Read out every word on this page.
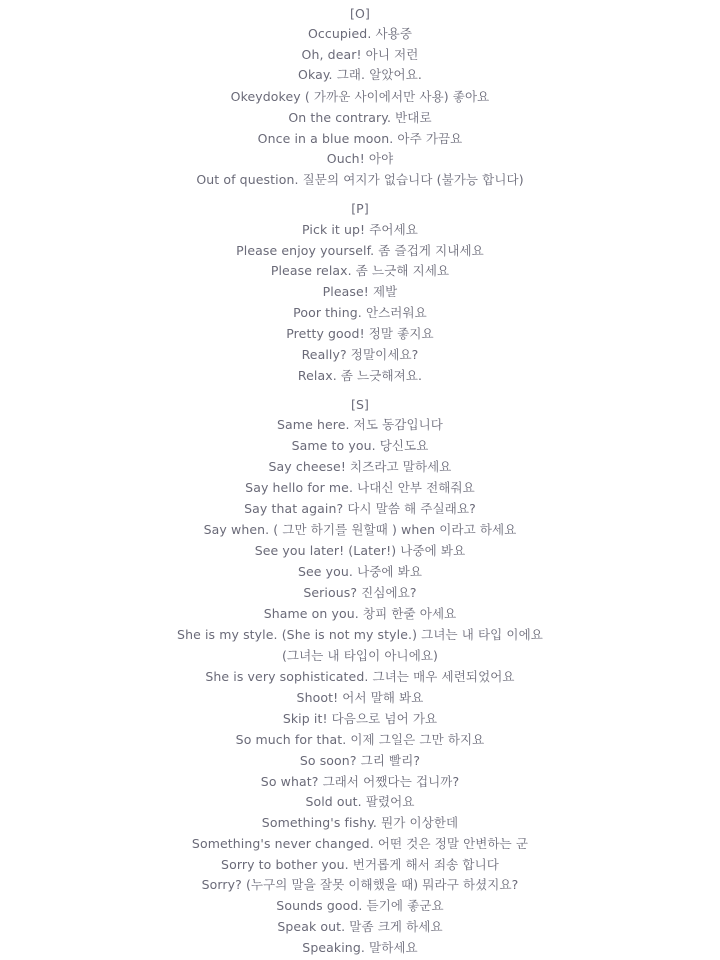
[O]
Occupied. 사용중
Oh, dear! 아니 저런
Okay. 그래. 알았어요.
Okeydokey ( 가까운 사이에서만 사용) 좋아요
On the contrary. 반대로
Once in a blue moon. 아주 가끔요
Ouch! 아야
Out of question. 질문의 여지가 없습니다 (불가능 합니다)
[P]
Pick it up! 주어세요
Please enjoy yourself. 좀 즐겁게 지내세요
Please relax. 좀 느긋해 지세요
Please! 제발
Poor thing. 안스러워요
Pretty good! 정말 좋지요
Really? 정말이세요?
Relax. 좀 느긋해져요.
[S]
Same here. 저도 동감입니다
Same to you. 당신도요
Say cheese! 치즈라고 말하세요
Say hello for me. 나대신 안부 전해줘요
Say that again? 다시 말씀 해 주실래요?
Say when. ( 그만 하기를 원할때 ) when 이라고 하세요
See you later! (Later!) 나중에 봐요
See you. 나중에 봐요
Serious? 진심에요?
Shame on you. 창피 한줄 아세요
She is my style. (She is not my style.) 그녀는 내 타입 이에요
(그녀는 내 타입이 아니에요)
She is very sophisticated. 그녀는 매우 세련되었어요
Shoot! 어서 말해 봐요
Skip it! 다음으로 넘어 가요
So much for that. 이제 그일은 그만 하지요
So soon? 그리 빨리?
So what? 그래서 어쨌다는 겁니까?
Sold out. 팔렸어요
Something's fishy. 뭔가 이상한데
Something's never changed. 어떤 것은 정말 안변하는 군
Sorry to bother you. 번거롭게 해서 죄송 합니다
Sorry? (누구의 말을 잘못 이해했을 때) 뭐라구 하셨지요?
Sounds good. 듣기에 좋군요
Speak out. 말좀 크게 하세요
Speaking. 말하세요
